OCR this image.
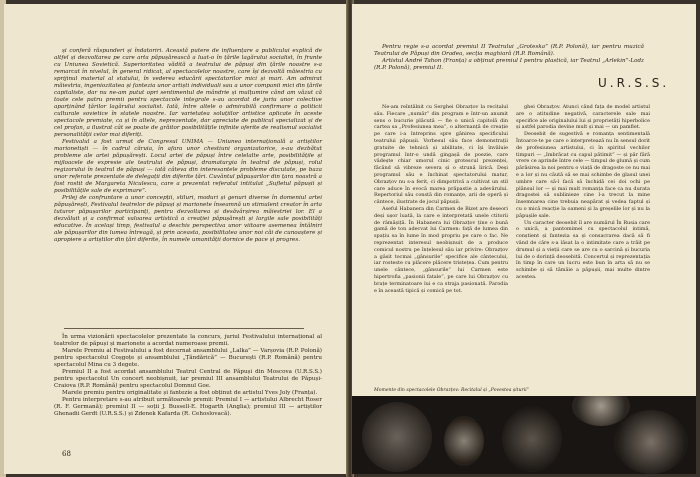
și conferă răspunderi și îndatoriri. Această putere de influențare a publicului explică de altfel și dezvoltarea pe care arta păpușărească a luat-o în țările lagărului socialist, în frunte cu Uniunea Sovietică. Superioritatea vădită a teatrului de păpuși din țările noastre s-a remarcat în nivelul, în general ridicat, al spectacolelor noastre, care își dezvoltă măiestria cu sprijinul material al statului, în vederea educării spectatorilor mici și mari. Am admirat măiestria, ingeniozitatea și fantezia unor artiști individuali sau a unor companii mici din țările capitaliste, dar nu ne-am putut opri sentimentul de mândrie și mulțumire când am văzut că toate cele patru premii pentru spectacole integrale s-au acordat de juriu unor colective aparținând țărilor lagărului socialist. Iată, între altele o admirabilă confirmare a politicii culturale sovietice în statele noastre. Iar varietatea soluțiilor artistice aplicate în aceste spectacole premiate, ca și în altele, neprezentate, dar apreciate de publicul specializat și de cel profan, a ilustrat cât se poate de grăitor posibilitățile infinite oferite de realismul socialist personalității celor mai diferiți.

Festivalul a fost urmat de Congresul UNIMA — Uniunea internațională a artiștilor marionetiști — în cadrul căruia, în afara unor chestiuni organizatorice, s-au dezbătut probleme ale artei păpușărești. Locul artei de păpuși între celelalte arte, posibilitățile și mijloacele de expresie ale teatrului de păpuși, dramaturgia în teatrul de păpuși, rolul regizorului în teatrul de păpuși — iată câteva din interesantele probleme discutate, pe baza unor referate prezentate de delegații din diferite țări. Cuvântul păpușarilor din țara noastră a fost rostit de Margareta Niculescu, care a prezentat referatul intitulat „Sufletul păpușii și posibilitățile sale de exprimare”.

Prilej de confruntare a unor concepții, stiluri, moduri și genuri diverse în domeniul artei păpușărești, Festivalul teatrelor de păpuși și marionete înseamnă un stimulent creator în arta tuturor păpușarilor participanți, pentru dezvoltarea și desăvârșirea măiestriei lor. El a dezvăluit și a confirmat valoarea artistică a creației păpușărești și largile sale posibilități educative. În același timp, festivalul a deschis perspectiva unor viitoare asemenea întâlniri ale păpușarilor din lumea întreagă, și prin aceasta, posibilitatea unor noi căi de cunoaștere și apropiere a artiștilor din țări diferite, în numele umanității dornice de pace și progres.

În urma vizionării spectacolelor prezentate la concurs, juriul Festivalului internațional al teatrelor de păpuși și marionete a acordat numeroase premii.

Marele Premiu al Festivalului a fost decernat ansamblului „Lalka” — Varșovia (R.P. Polonă) pentru spectacolul Coșgoțe și ansamblului „Țăndărică” — București (R.P. Română) pentru spectacolul Mina cu 3 degete.

Premiul II a fost acordat ansamblului Teatrul Central de Păpuși din Moscova (U.R.S.S.) pentru spectacolul Un concert neobișnuit, iar premiul III ansamblului Teatrului de Păpuși-Craiova (R.P. Română) pentru spectacolul Domnul Goe.

Marele premiu pentru originalitate și fantezie a fost obținut de artistul Yves Joly (Franța).

Pentru interpretare s-au atribuit următoarele premii: Premiul I — artistului Albrecht Roser (R. F. Germană); premiul II — soții J. Bussell-E. Hogarth (Anglia); premiul III — artiștilor Ghenadii Gerdt (U.R.S.S.) și Zdenek Kafarda (R. Cehoslovacă).

68

Pentru regie s-a acordat premiul II Teatrului „Groteska” (R.P. Polonă), iar pentru muzică Teatrului de Păpuși din Oradea, secția maghiară (R.P. Română).

Artistul André Tahon (Franța) a obținut premiul I pentru plastică, iar Teatrul „Arlekin”-Lodz (R.P. Polonă), premiul II.

U.R.S.S.

Ne-am reîntâlnit cu Serghei Obrazțov la recitalul său. Fiecare „număr” din program e într-un anumit sens o bucurie plăcută — fie o unică capitolă din cartea sa „Profesiunea mea”, o alternanță de creație pe care i-a întreprins spre gânirea specificului teatrului păpușii. Vorbesul său face demonstrații gratuite de tehnică și abilitate, ci își învăluie programul într-o undă gingașă de poezie, care vădește chiar umorul cinic grotescul prezenței, făcând să vibreze severa și o strună lirică. Deși programul său e închinat spectatorului matur, Obrazțov nu s-a ferit, ci dimpotrivă a cultivat un stil care aduce în evocă marea prăpastie a adevărului. Repertoriul său constă din romanțe, arii de operă și cântece, ilustrate de jocul păpușii.

Aseful Habanera din Carmen de Bizet are deseori deși ușor luată, la care e interpretată unele ctitorii de rămășiță. În Habanera lui Obrazțov ține o bună gamă de ton adecvat lui Carmen: față de lumea din spațiu sa în lume în mod propriu pe care o fac. Ne reprezentat interesul neobișnuit de a produce comicul nostru pe înțelesul său iar privire: Obrazțov a găsit tocmai „gânsurile” specifice ale cântecului, iar rosteste cu plăcere plăcere tristețea. Cum pentru unele cântece, „gânsurile” lui Carmen este hipertrofia „pasionii fatale”, pe care lui Obrazțov cu brațe terminatoare lui e ca straja pasionată. Parodia e în această tipică și comică pe tot.

ghei Obrazțov. Atunci când fața de model artistul are o atitudine negativă, caracterele sale mai specifice ale originalului lui și proprietăți hiperbolice și astfel parodia devine mult și mai — un pamflet.

Deosebit de sugestivă e romanța sentimentală Întoarce-te pe care o interpretează nu în sensul dorit de profesiunea artistului, ci în spiritul vechilor timpuri — „Imbrăcat cu capul pătimit” — și păr fără vrere ce aprinde între cele — timpul de glumă și cum părăsirea la noi pentru o viață de dragoste ce nu mai e a lor și nu căută să se mai schimbe de glasul unei umbre care să-l facă să închidă cei doi ochi pe plânsul lor — și mai mult romanța face ca nu durata dragostei să sublinieze cine l-a trecut la mine însemnarea cine trebuia neapărat și vedea faptul și cu o mică reacție la oameni și la greșelile lor și nu la păpușile sale.

Un caracter deosebit îl are numărul În Rusia care o unică, a pantomimei cu spectacolul intimă, conștient și fantezia sa și consacrarea dacă să fi vând de căre s-a lăsat la o intimitate care a trăit pe drumul și a vieții care se are cu o sarcină și bucuria lui de o dorință deosebită. Concertul și reprezentația în timp în care un lucru este bun în arta să nu se schimbe și să tămâie a păpușii, mai multe dintre acestea.

Momente din spectacolele Obrazțov: Recitalul și „Povestea șiturii”
